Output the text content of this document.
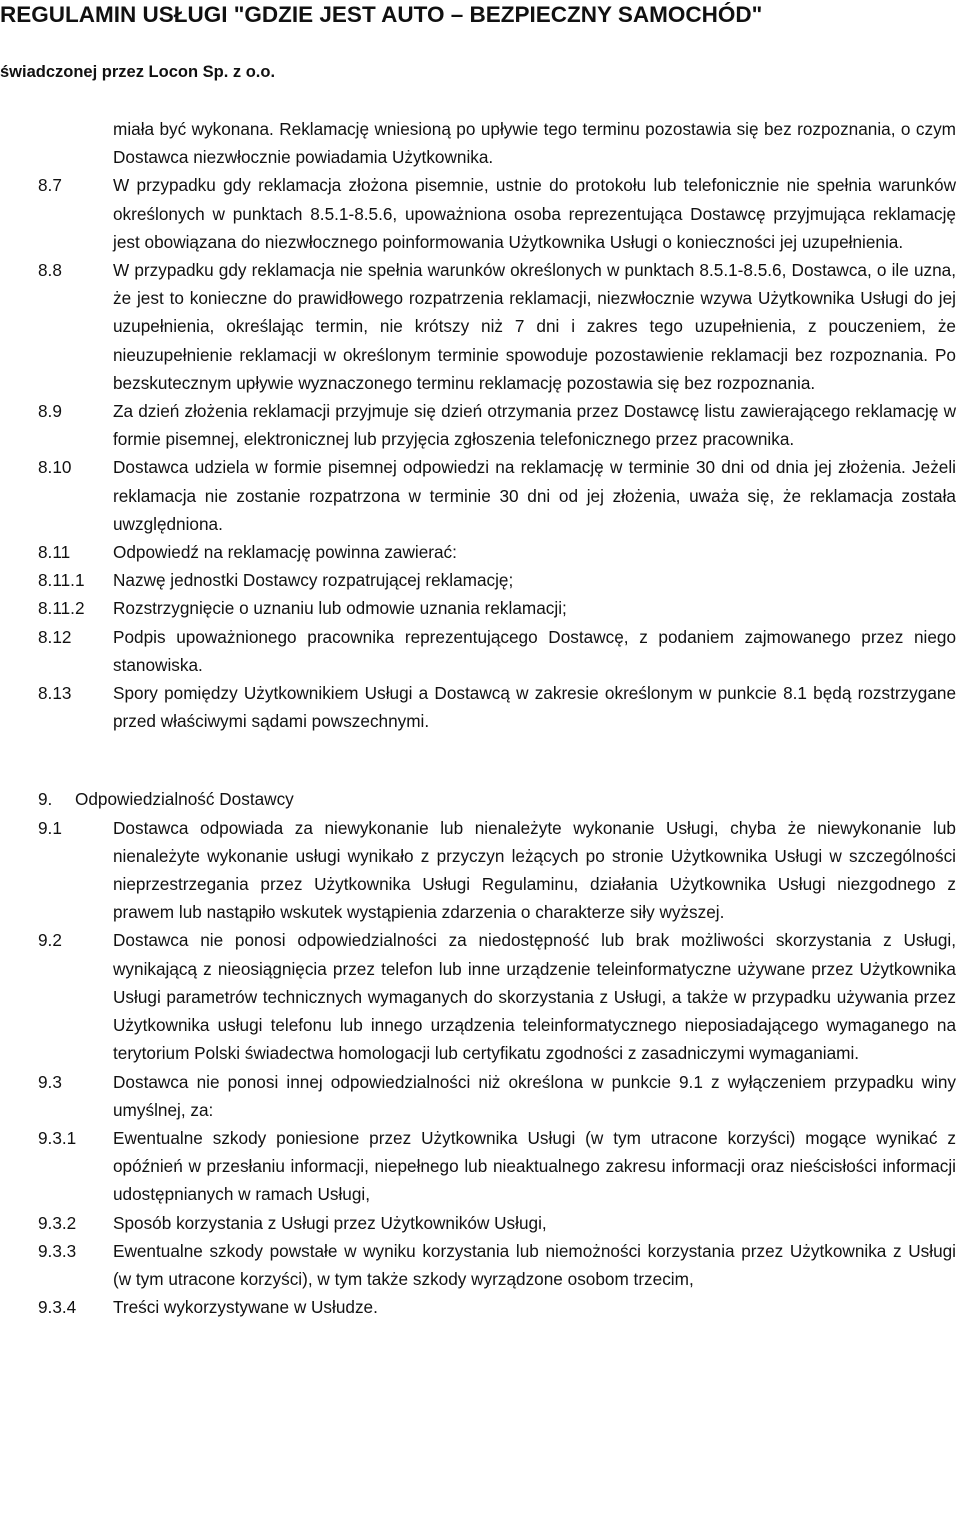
REGULAMIN USŁUGI "GDZIE JEST AUTO – BEZPIECZNY SAMOCHÓD"

świadczonej przez Locon Sp. z o.o.

miała być wykonana. Reklamację wniesioną po upływie tego terminu pozostawia się bez rozpoznania, o czym Dostawca niezwłocznie powiadamia Użytkownika.
8.7	W przypadku gdy reklamacja złożona pisemnie, ustnie do protokołu lub telefonicznie nie spełnia warunków określonych w punktach 8.5.1-8.5.6, upoważniona osoba reprezentująca Dostawcę przyjmująca reklamację jest obowiązana do niezwłocznego poinformowania Użytkownika Usługi o konieczności jej uzupełnienia.
8.8	W przypadku gdy reklamacja nie spełnia warunków określonych w punktach 8.5.1-8.5.6, Dostawca, o ile uzna, że jest to konieczne do prawidłowego rozpatrzenia reklamacji, niezwłocznie wzywa Użytkownika Usługi do jej uzupełnienia, określając termin, nie krótszy niż 7 dni i zakres tego uzupełnienia, z pouczeniem, że nieuzupełnienie reklamacji w określonym terminie spowoduje pozostawienie reklamacji bez rozpoznania. Po bezskutecznym upływie wyznaczonego terminu reklamację pozostawia się bez rozpoznania.
8.9	Za dzień złożenia reklamacji przyjmuje się dzień otrzymania przez Dostawcę listu zawierającego reklamację w formie pisemnej, elektronicznej lub przyjęcia zgłoszenia telefonicznego przez pracownika.
8.10 Dostawca udziela w formie pisemnej odpowiedzi na reklamację w terminie 30 dni od dnia jej złożenia. Jeżeli reklamacja nie zostanie rozpatrzona w terminie 30 dni od jej złożenia, uważa się, że reklamacja została uwzględniona.
8.11 Odpowiedź na reklamację powinna zawierać:
8.11.1 Nazwę jednostki Dostawcy rozpatrującej reklamację;
8.11.2 Rozstrzygnięcie o uznaniu lub odmowie uznania reklamacji;
8.12 Podpis upoważnionego pracownika reprezentującego Dostawcę, z podaniem zajmowanego przez niego stanowiska.
8.13 Spory pomiędzy Użytkownikiem Usługi a Dostawcą w zakresie określonym w punkcie 8.1 będą rozstrzygane przed właściwymi sądami powszechnymi.
9. Odpowiedzialność Dostawcy
9.1	Dostawca odpowiada za niewykonanie lub nienależyte wykonanie Usługi, chyba że niewykonanie lub nienależyte wykonanie usługi wynikało z przyczyn leżących po stronie Użytkownika Usługi w szczególności nieprzestrzegania przez Użytkownika Usługi Regulaminu, działania Użytkownika Usługi niezgodnego z prawem lub nastąpiło wskutek wystąpienia zdarzenia o charakterze siły wyższej.
9.2	Dostawca nie ponosi odpowiedzialności za niedostępność lub brak możliwości skorzystania z Usługi, wynikającą z nieosiągnięcia przez telefon lub inne urządzenie teleinformatyczne używane przez Użytkownika Usługi parametrów technicznych wymaganych do skorzystania z Usługi, a także w przypadku używania przez Użytkownika usługi telefonu lub innego urządzenia teleinformatycznego nieposiadającego wymaganego na terytorium Polski świadectwa homologacji lub certyfikatu zgodności z zasadniczymi wymaganiami.
9.3	Dostawca nie ponosi innej odpowiedzialności niż określona w punkcie 9.1 z wyłączeniem przypadku winy umyślnej, za:
9.3.1 Ewentualne szkody poniesione przez Użytkownika Usługi (w tym utracone korzyści) mogące wynikać z opóźnień w przesłaniu informacji, niepełnego lub nieaktualnego zakresu informacji oraz nieścisłości informacji udostępnianych w ramach Usługi,
9.3.2 Sposób korzystania z Usługi przez Użytkowników Usługi,
9.3.3 Ewentualne szkody powstałe w wyniku korzystania lub niemożności korzystania przez Użytkownika z Usługi (w tym utracone korzyści), w tym także szkody wyrządzone osobom trzecim,
9.3.4 Treści wykorzystywane w Usłudze.
